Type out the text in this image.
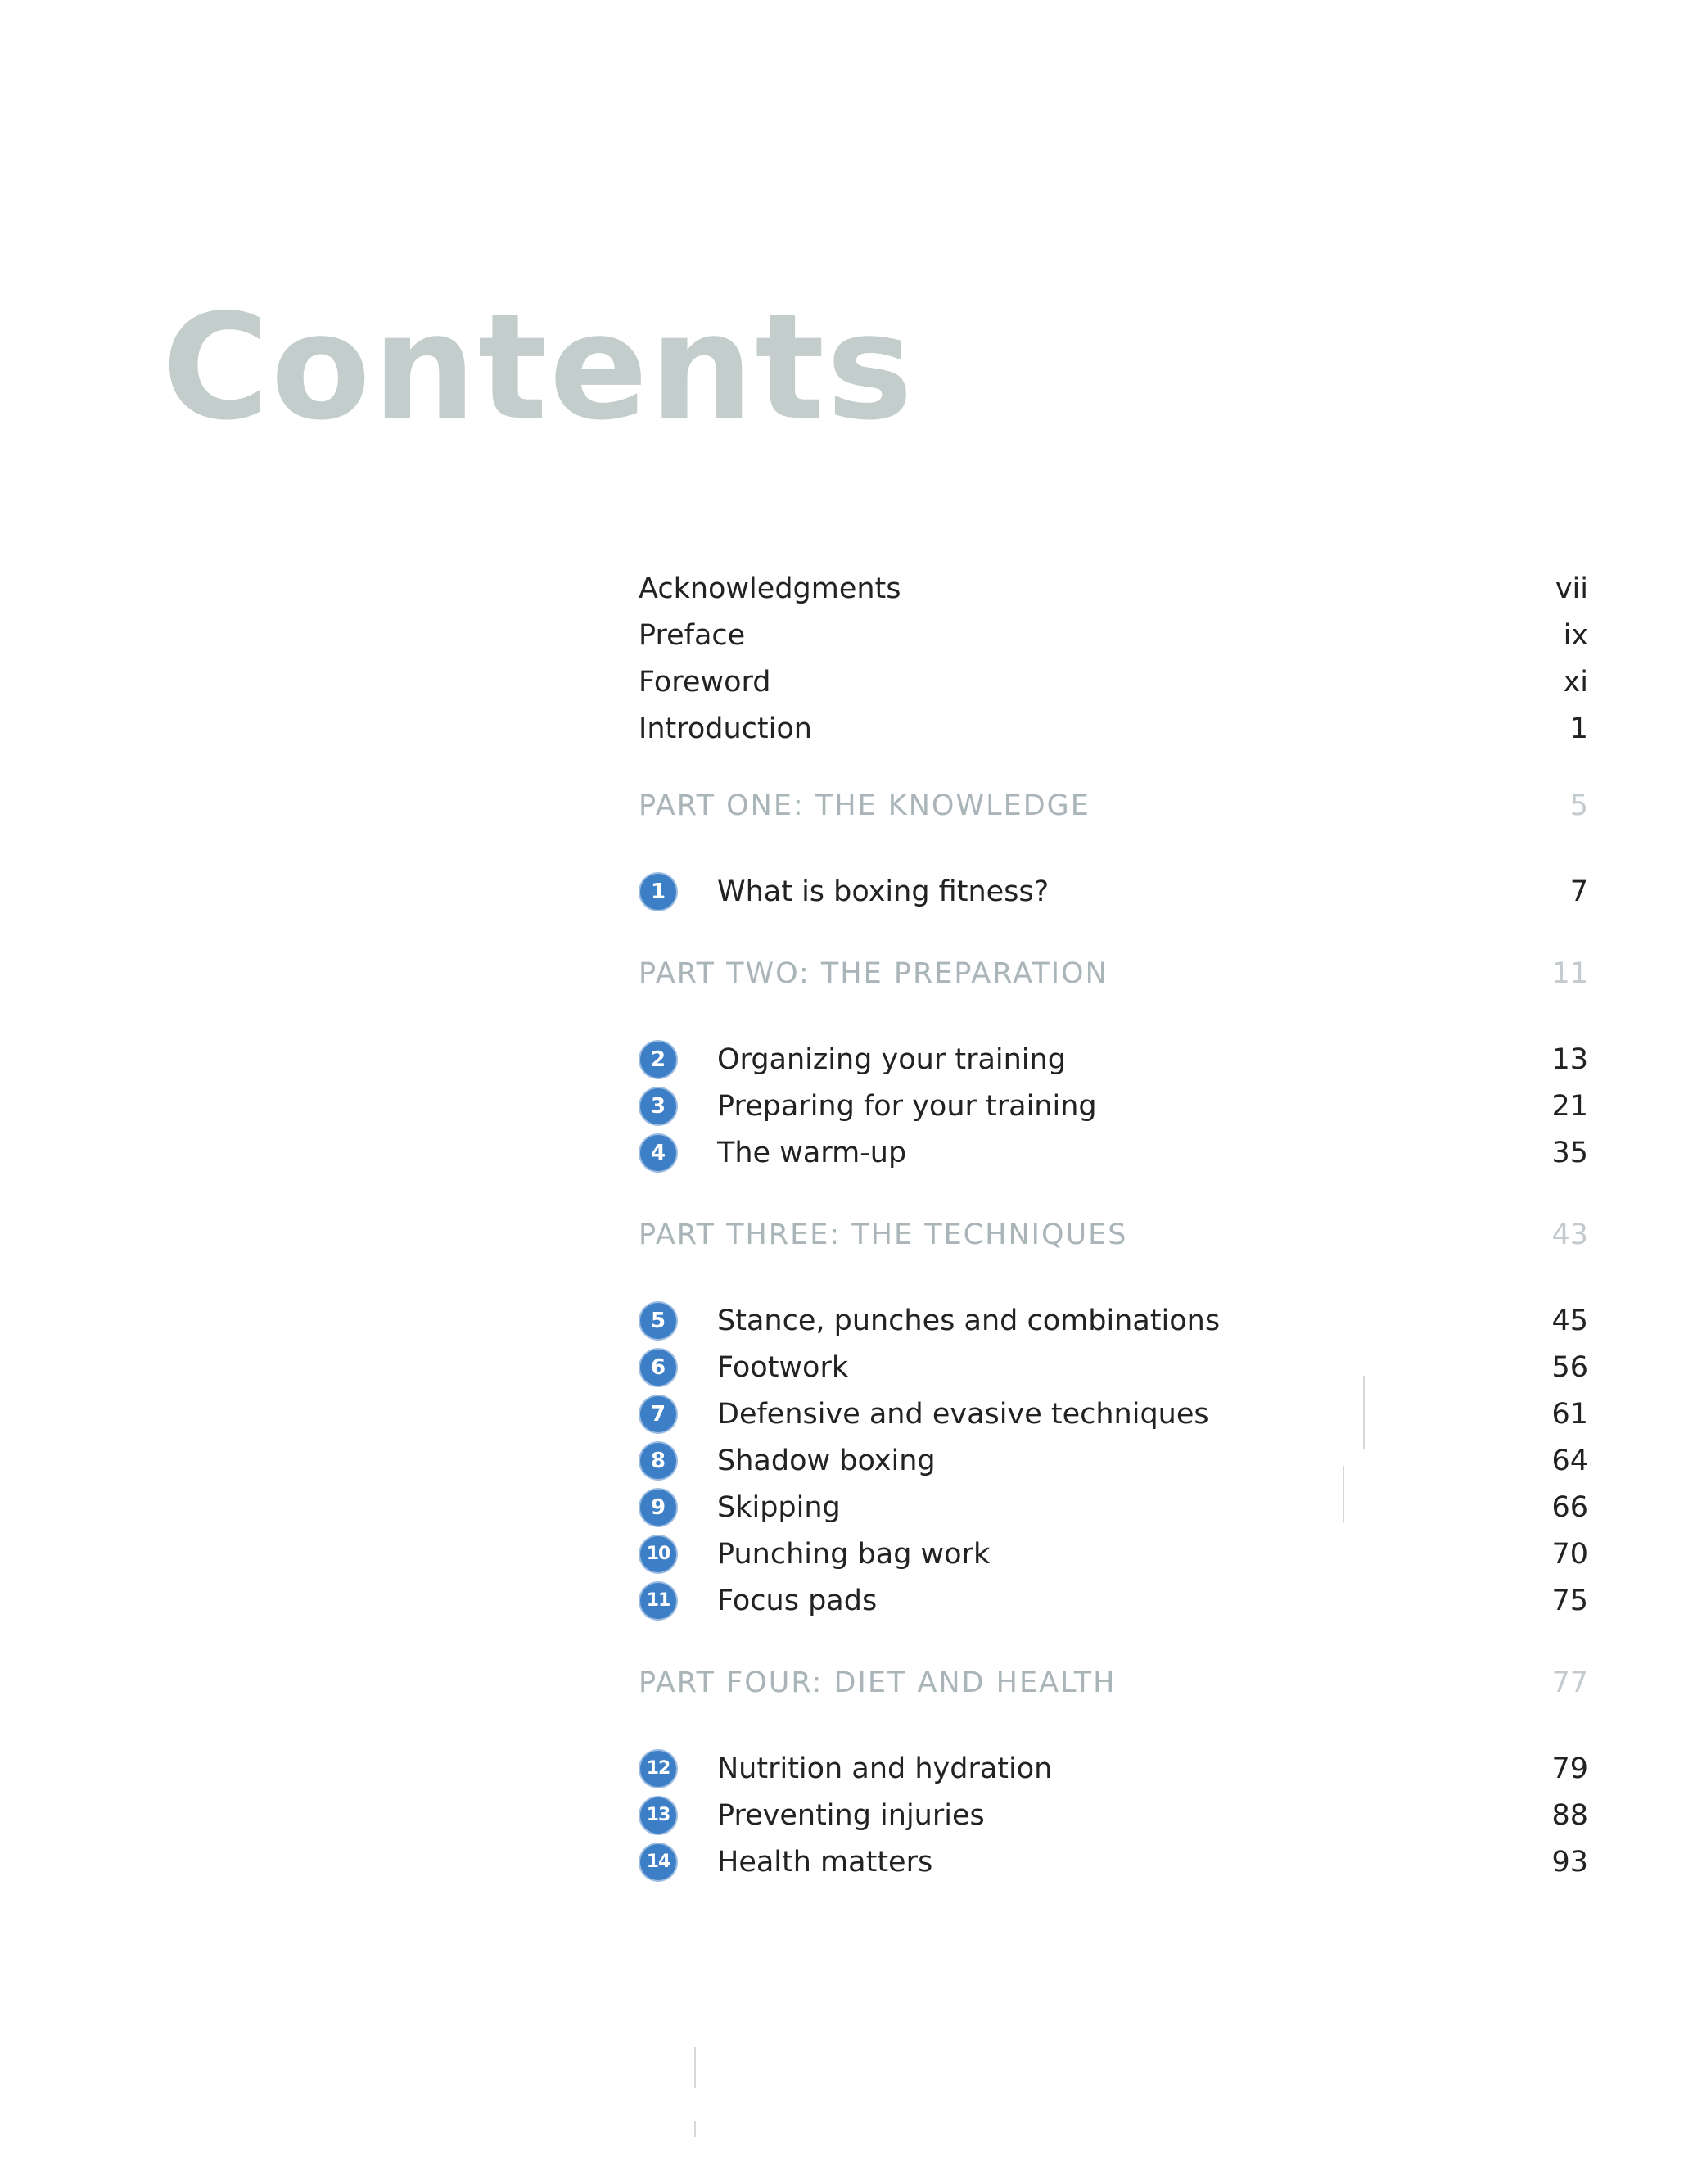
Contents
Acknowledgments	vii
Preface	ix
Foreword	xi
Introduction	1
PART ONE: THE KNOWLEDGE	5
1	What is boxing fitness?	7
PART TWO: THE PREPARATION	11
2	Organizing your training	13
3	Preparing for your training	21
4	The warm-up	35
PART THREE: THE TECHNIQUES	43
5	Stance, punches and combinations	45
6	Footwork	56
7	Defensive and evasive techniques	61
8	Shadow boxing	64
9	Skipping	66
10 Punching bag work	70
11 Focus pads	75
PART FOUR: DIET AND HEALTH	77
12 Nutrition and hydration	79
13 Preventing injuries	88
14 Health matters	93
